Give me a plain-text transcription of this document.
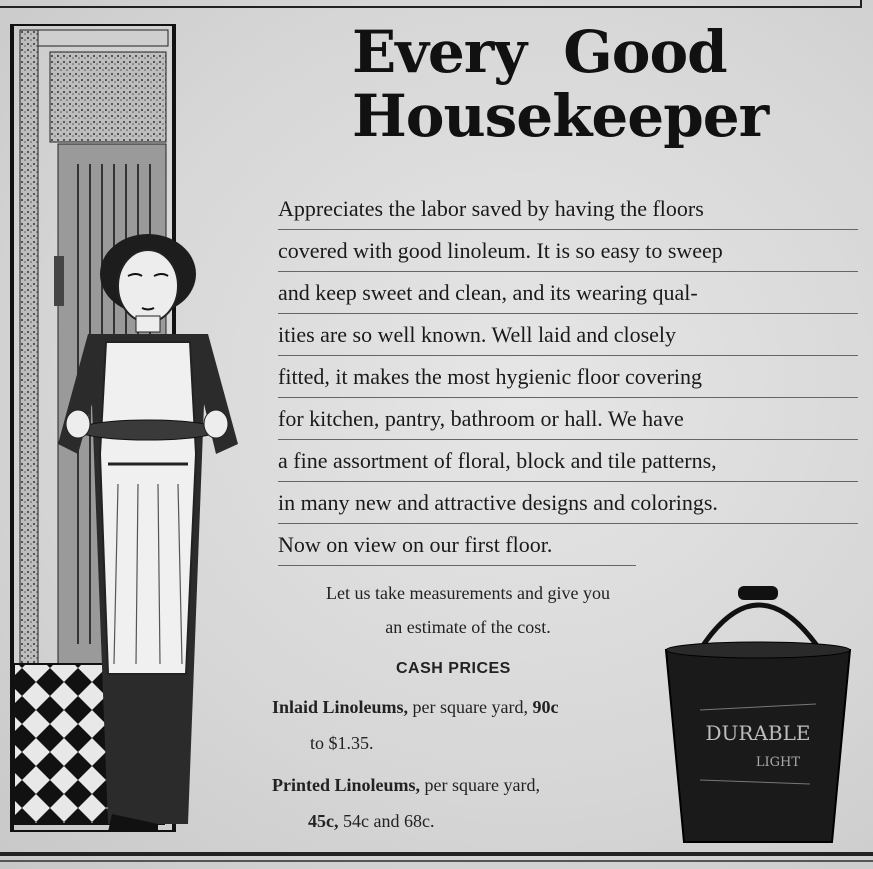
Every Good
Housekeeper
Appreciates the labor saved by having the floors
covered with good linoleum. It is so easy to sweep
and keep sweet and clean, and its wearing qual-
ities are so well known. Well laid and closely
fitted, it makes the most hygienic floor covering
for kitchen, pantry, bathroom or hall. We have
a fine assortment of floral, block and tile patterns,
in many new and attractive designs and colorings.
Now on view on our first floor.
Let us take measurements and give you
an estimate of the cost.
CASH PRICES
Inlaid Linoleums, per square yard, 90c
to $1.35.
Printed Linoleums, per square yard,
45c, 54c and 68c.
DURABLE
LIGHT
